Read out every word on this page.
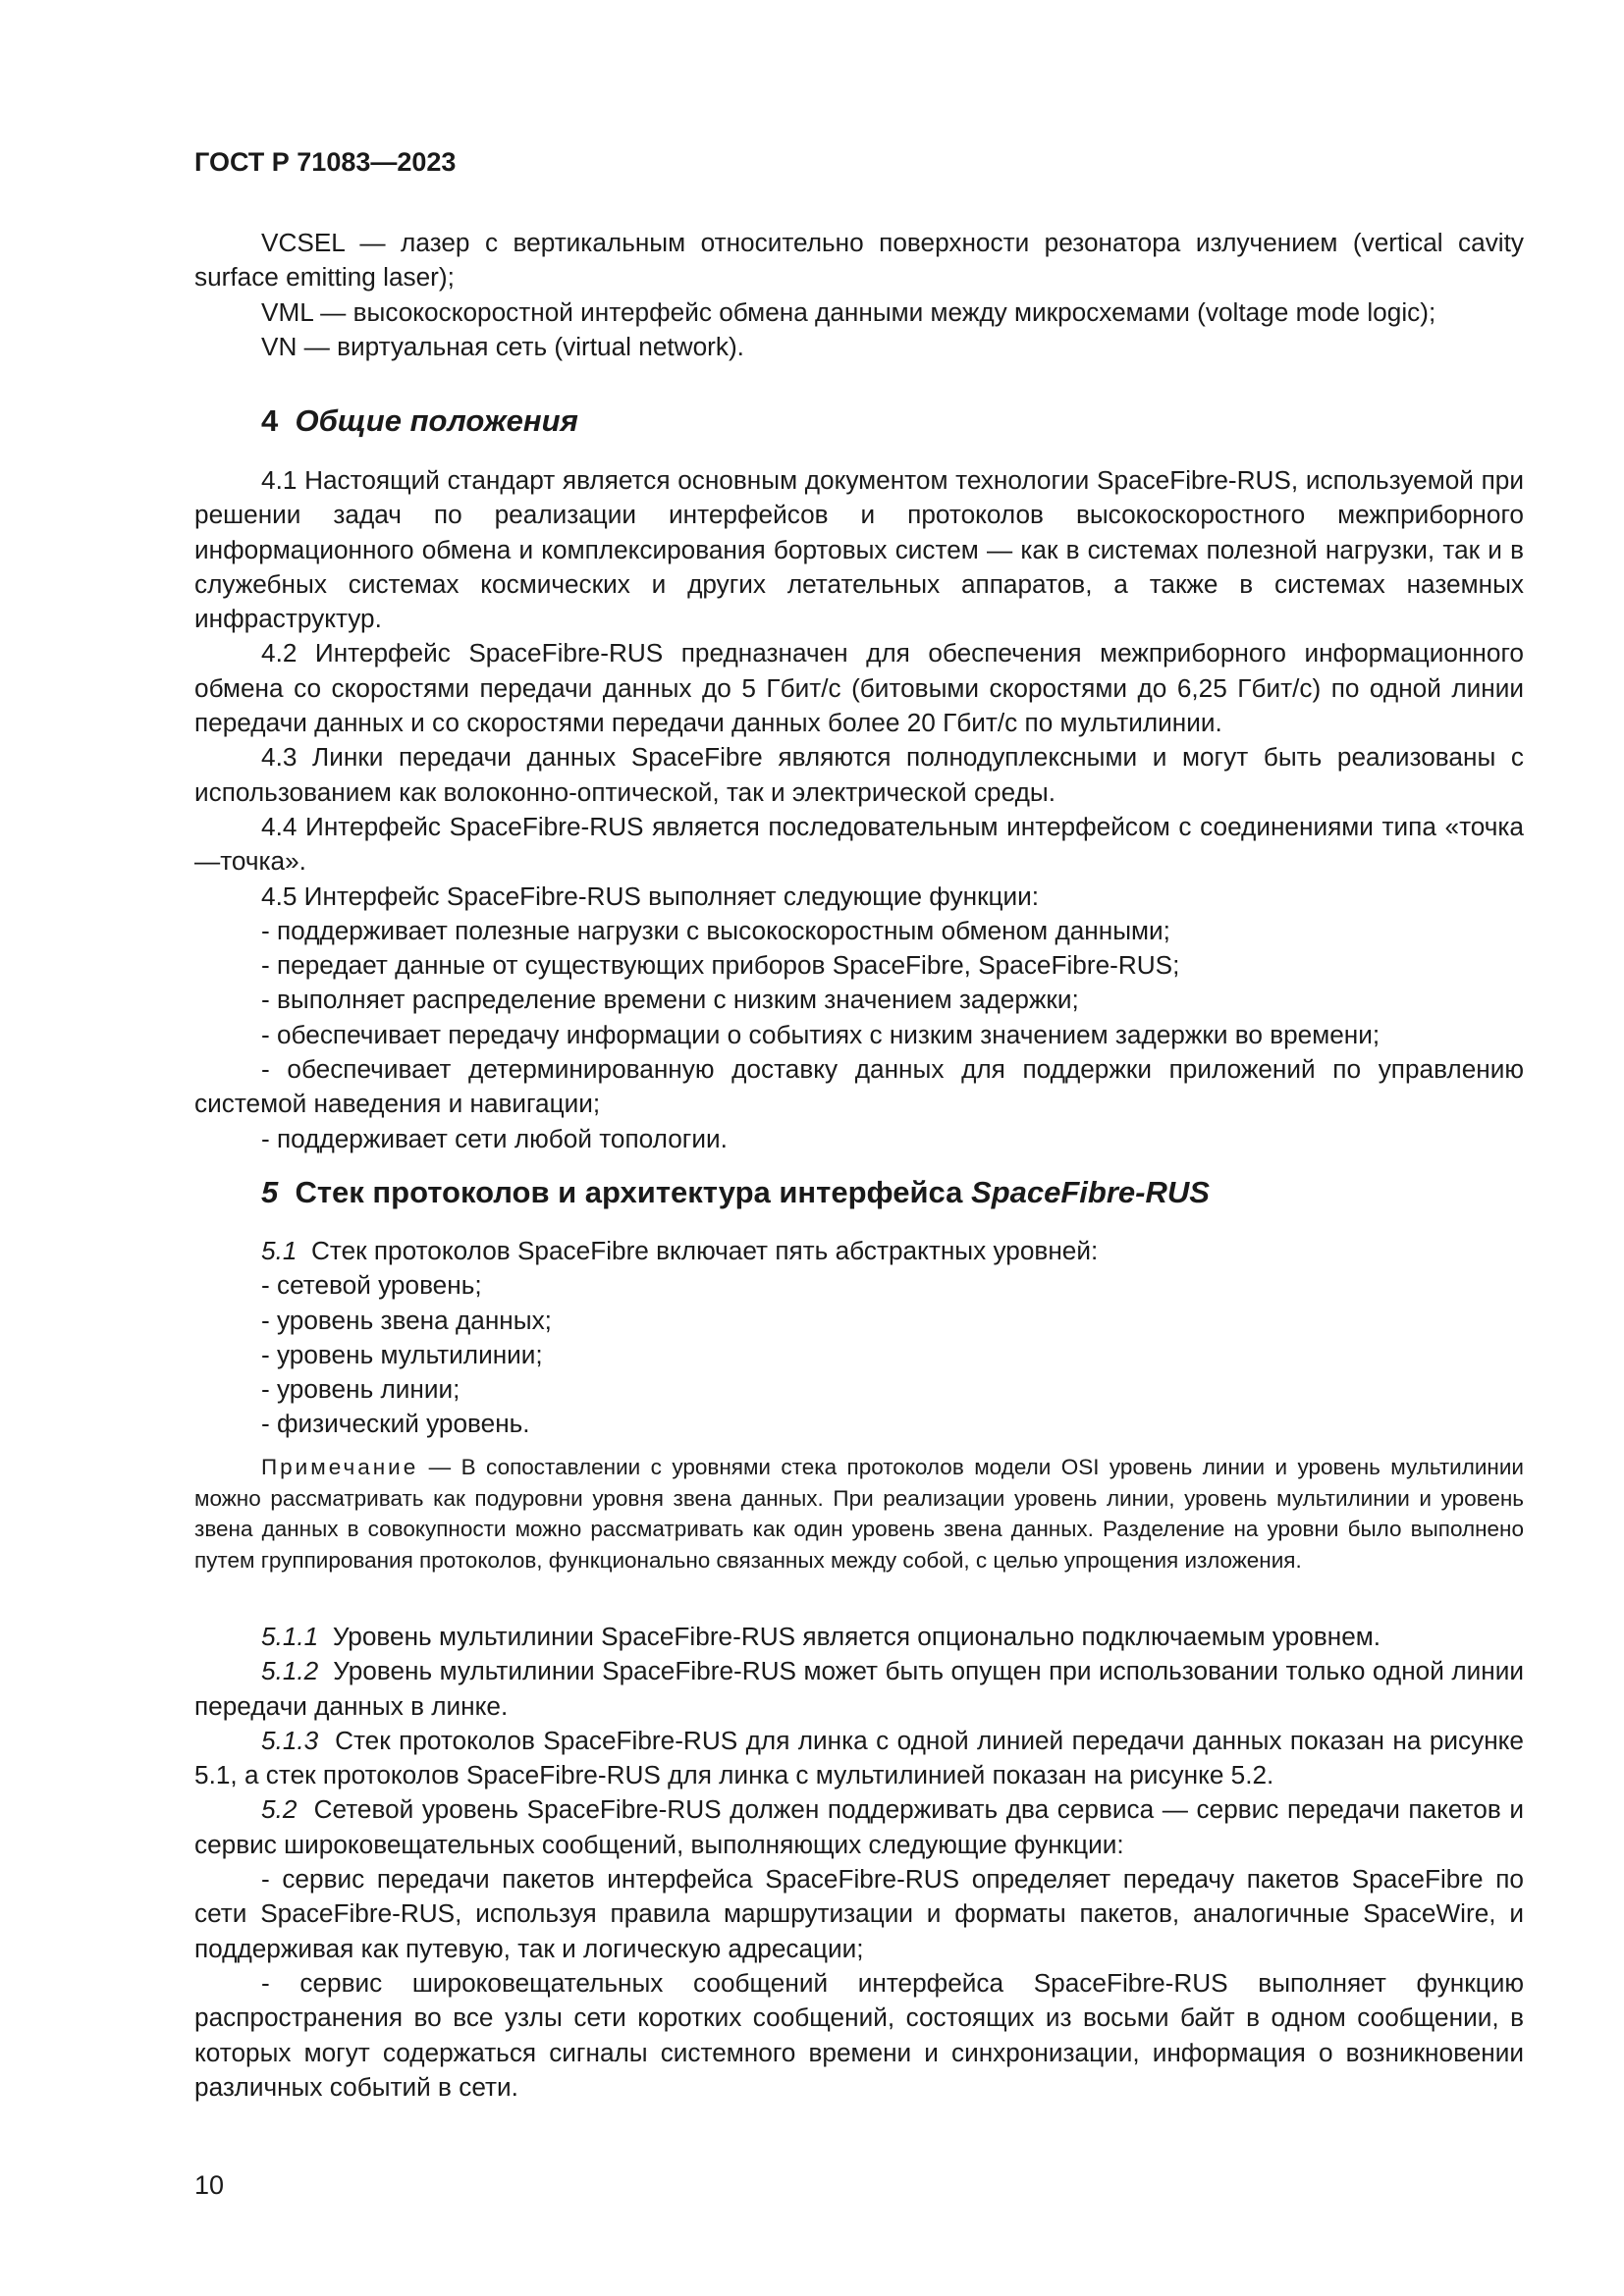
ГОСТ Р 71083—2023

VCSEL — лазер с вертикальным относительно поверхности резонатора излучением (vertical cavity surface emitting laser);

VML — высокоскоростной интерфейс обмена данными между микросхемами (voltage mode logic);

VN — виртуальная сеть (virtual network).

4 Общие положения

4.1 Настоящий стандарт является основным документом технологии SpaceFibre-RUS, используемой при решении задач по реализации интерфейсов и протоколов высокоскоростного межприборного информационного обмена и комплексирования бортовых систем — как в системах полезной нагрузки, так и в служебных системах космических и других летательных аппаратов, а также в системах наземных инфраструктур.

4.2 Интерфейс SpaceFibre-RUS предназначен для обеспечения межприборного информационного обмена со скоростями передачи данных до 5 Гбит/с (битовыми скоростями до 6,25 Гбит/с) по одной линии передачи данных и со скоростями передачи данных более 20 Гбит/с по мультилинии.

4.3 Линки передачи данных SpaceFibre являются полнодуплексными и могут быть реализованы с использованием как волоконно-оптической, так и электрической среды.

4.4 Интерфейс SpaceFibre-RUS является последовательным интерфейсом с соединениями типа «точка—точка».

4.5 Интерфейс SpaceFibre-RUS выполняет следующие функции:

- поддерживает полезные нагрузки с высокоскоростным обменом данными;

- передает данные от существующих приборов SpaceFibre, SpaceFibre-RUS;

- выполняет распределение времени с низким значением задержки;

- обеспечивает передачу информации о событиях с низким значением задержки во времени;

- обеспечивает детерминированную доставку данных для поддержки приложений по управлению системой наведения и навигации;

- поддерживает сети любой топологии.

5 Стек протоколов и архитектура интерфейса SpaceFibre-RUS

5.1 Стек протоколов SpaceFibre включает пять абстрактных уровней:

- сетевой уровень;

- уровень звена данных;

- уровень мультилинии;

- уровень линии;

- физический уровень.

Примечание — В сопоставлении с уровнями стека протоколов модели OSI уровень линии и уровень мультилинии можно рассматривать как подуровни уровня звена данных. При реализации уровень линии, уровень мультилинии и уровень звена данных в совокупности можно рассматривать как один уровень звена данных. Разделение на уровни было выполнено путем группирования протоколов, функционально связанных между собой, с целью упрощения изложения.

5.1.1 Уровень мультилинии SpaceFibre-RUS является опционально подключаемым уровнем.

5.1.2 Уровень мультилинии SpaceFibre-RUS может быть опущен при использовании только одной линии передачи данных в линке.

5.1.3 Стек протоколов SpaceFibre-RUS для линка с одной линией передачи данных показан на рисунке 5.1, а стек протоколов SpaceFibre-RUS для линка с мультилинией показан на рисунке 5.2.

5.2 Сетевой уровень SpaceFibre-RUS должен поддерживать два сервиса — сервис передачи пакетов и сервис широковещательных сообщений, выполняющих следующие функции:

- сервис передачи пакетов интерфейса SpaceFibre-RUS определяет передачу пакетов SpaceFibre по сети SpaceFibre-RUS, используя правила маршрутизации и форматы пакетов, аналогичные SpaceWire, и поддерживая как путевую, так и логическую адресации;

- сервис широковещательных сообщений интерфейса SpaceFibre-RUS выполняет функцию распространения во все узлы сети коротких сообщений, состоящих из восьми байт в одном сообщении, в которых могут содержаться сигналы системного времени и синхронизации, информация о возникновении различных событий в сети.

10
